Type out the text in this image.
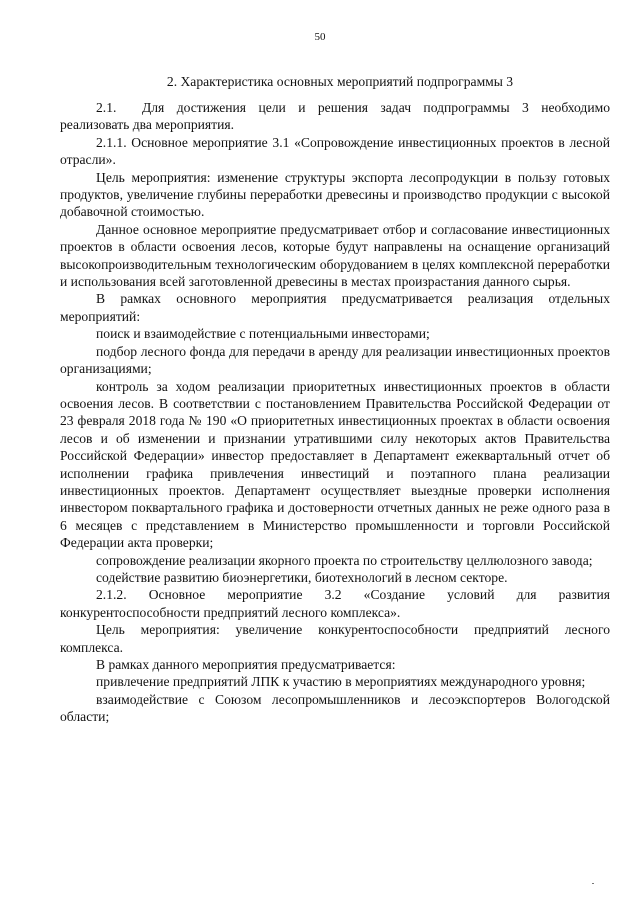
50
2. Характеристика основных мероприятий подпрограммы 3

2.1. Для достижения цели и решения задач подпрограммы 3 необходимо реализовать два мероприятия.

2.1.1. Основное мероприятие 3.1 «Сопровождение инвестиционных проектов в лесной отрасли».

Цель мероприятия: изменение структуры экспорта лесопродукции в пользу готовых продуктов, увеличение глубины переработки древесины и производство продукции с высокой добавочной стоимостью.

Данное основное мероприятие предусматривает отбор и согласование инвестиционных проектов в области освоения лесов, которые будут направлены на оснащение организаций высокопроизводительным технологическим оборудованием в целях комплексной переработки и использования всей заготовленной древесины в местах произрастания данного сырья.

В рамках основного мероприятия предусматривается реализация отдельных мероприятий:

поиск и взаимодействие с потенциальными инвесторами;

подбор лесного фонда для передачи в аренду для реализации инвестиционных проектов организациями;

контроль за ходом реализации приоритетных инвестиционных проектов в области освоения лесов. В соответствии с постановлением Правительства Российской Федерации от 23 февраля 2018 года № 190 «О приоритетных инвестиционных проектах в области освоения лесов и об изменении и признании утратившими силу некоторых актов Правительства Российской Федерации» инвестор предоставляет в Департамент ежеквартальный отчет об исполнении графика привлечения инвестиций и поэтапного плана реализации инвестиционных проектов. Департамент осуществляет выездные проверки исполнения инвестором поквартального графика и достоверности отчетных данных не реже одного раза в 6 месяцев с представлением в Министерство промышленности и торговли Российской Федерации акта проверки;

сопровождение реализации якорного проекта по строительству целлюлозного завода;

содействие развитию биоэнергетики, биотехнологий в лесном секторе.

2.1.2. Основное мероприятие 3.2 «Создание условий для развития конкурентоспособности предприятий лесного комплекса».

Цель мероприятия: увеличение конкурентоспособности предприятий лесного комплекса.

В рамках данного мероприятия предусматривается:

привлечение предприятий ЛПК к участию в мероприятиях международного уровня;

взаимодействие с Союзом лесопромышленников и лесоэкспортеров Вологодской области;
